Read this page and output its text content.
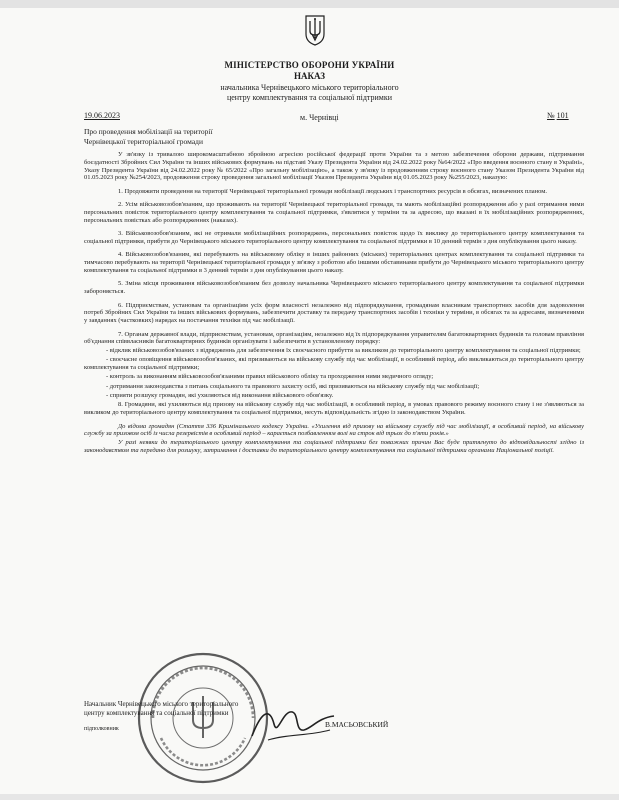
МІНІСТЕРСТВО ОБОРОНИ УКРАЇНИ
НАКАЗ
начальника Чернівецького міського територіального
центру комплектування та соціальної підтримки
19.06.2023	м. Чернівці	№ 101
Про проведення мобілізації на території
Чернівецької територіальної громади

У зв'язку із тривалою широкомасштабною збройною агресією російської федерації проти України та з метою забезпечення оборони держави, підтримання боєздатності Збройних Сил України та інших військових формувань на підставі Указу Президента України від 24.02.2022 року №64/2022 «Про введення воєнного стану в Україні», Указу Президента України від 24.02.2022 року № 65/2022 «Про загальну мобілізацію», а також у зв'язку із продовженням строку воєнного стану Указом Президента України від 01.05.2023 року №254/2023, продовження строку проведення загальної мобілізації Указом Президента України від 01.05.2023 року №255/2023, наказую:

1. Продовжити проведення на території Чернівецької територіальної громади мобілізації людських і транспортних ресурсів в обсягах, визначених планом.

2. Усім військовозобов'язаним, що проживають на території Чернівецької територіальної громади, та мають мобілізаційні розпорядження або у разі отримання ними персональних повісток територіального центру комплектування та соціальної підтримки, з'являтися у терміни та за адресою, що вказані в їх мобілізаційних розпорядженнях, персональних повістках або розпорядженнях (наказах).

3. Військовозобов'язаним, які не отримали мобілізаційних розпоряджень, персональних повісток щодо їх виклику до територіального центру комплектування та соціальної підтримки, прибути до Чернівецького міського територіального центру комплектування та соціальної підтримки в 10 денний термін з дня опублікування цього наказу.

4. Військовозобов'язаним, які перебувають на військовому обліку в інших районних (міських) територіальних центрах комплектування та соціальної підтримки та тимчасово перебувають на території Чернівецької територіальної громади у зв'язку з роботою або іншими обставинами прибути до Чернівецького міського територіального центру комплектування та соціальної підтримки в 3 денний термін з дня опублікування цього наказу.

5. Зміна місця проживання військовозобов'язаним без дозволу начальника Чернівецького міського територіального центру комплектування та соціальної підтримки забороняється.

6. Підприємствам, установам та організаціям усіх форм власності незалежно від підпорядкування, громадянам власникам транспортних засобів для задоволення потреб Збройних Сил України та інших військових формувань, забезпечити доставку та передачу транспортних засобів і техніки у терміни, в обсягах та за адресами, визначеними у завданнях (частковких) нарядах на постачання техніки під час мобілізації.

7. Органам державної влади, підприємствам, установам, організаціям, незалежно від їх підпорядкування управителям багатоквартирних будинків та головам правління об'єднання співвласників багатоквартирних будинків організувати і забезпечити в установленому порядку:

- відклик військовозобов'язаних з відрядженнь для забезпечення їх своєчасного прибуття за викликом до територіального центру комплектування та соціальної підтримки;

- своєчасне оповіщення військовозобов'язаних, які призиваються на військову службу під час мобілізації, в особливий період, або викликаються до територіального центру комплектування та соціальної підтримки;

- контроль за виконанням військовозобов'язаними правил військового обліку та проходження ними медичного огляду;

- дотримання законодавства з питань соціального та правового захисту осіб, які призиваються на військову службу під час мобілізації;

- сприяти розшуку громадян, які ухиляються від виконання військового обов'язку.

8. Громадяни, які ухиляються від призову на військову службу під час мобілізації, в особливий період, в умовах правового режиму воєнного стану і не з'являються за викликом до територіального центру комплектування та соціальної підтримки, несуть відповідальність згідно із законодавством України.

До відома громадян (Стаття 336 Кримінального кодексу України. «Ухилення від призову на військову службу під час мобілізації, в особливий період, на військову службу за призовом осіб із числа резервістів в особливий період – карається позбавленням волі на строк від трьох до п'яти років.»

У разі неявки до територіального центру комплектування та соціальної підтримки без поважних причин Вас буде притягнуто до відповідальності згідно із законодавством та передано для розшуку, затримання і доставки до територіального центру комплектування та соціальної підтримки органами Національної поліції.

Начальник Чернівецького міського територіального
центру комплектування та соціальної підтримки
підполковник	В.МАСЬОВСЬКИЙ
